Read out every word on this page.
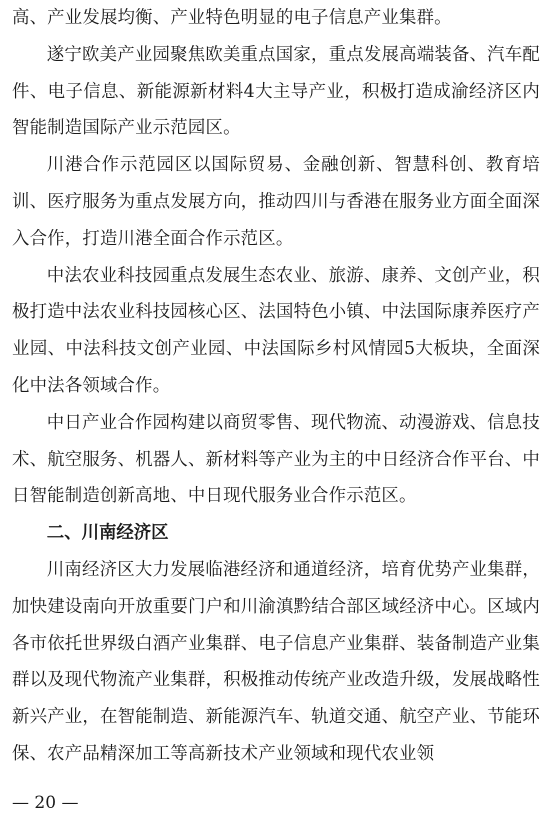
高、产业发展均衡、产业特色明显的电子信息产业集群。

遂宁欧美产业园聚焦欧美重点国家，重点发展高端装备、汽车配件、电子信息、新能源新材料4大主导产业，积极打造成渝经济区内智能制造国际产业示范园区。

川港合作示范园区以国际贸易、金融创新、智慧科创、教育培训、医疗服务为重点发展方向，推动四川与香港在服务业方面全面深入合作，打造川港全面合作示范区。

中法农业科技园重点发展生态农业、旅游、康养、文创产业，积极打造中法农业科技园核心区、法国特色小镇、中法国际康养医疗产业园、中法科技文创产业园、中法国际乡村风情园5大板块，全面深化中法各领域合作。

中日产业合作园构建以商贸零售、现代物流、动漫游戏、信息技术、航空服务、机器人、新材料等产业为主的中日经济合作平台、中日智能制造创新高地、中日现代服务业合作示范区。

二、川南经济区

川南经济区大力发展临港经济和通道经济，培育优势产业集群，加快建设南向开放重要门户和川渝滇黔结合部区域经济中心。区域内各市依托世界级白酒产业集群、电子信息产业集群、装备制造产业集群以及现代物流产业集群，积极推动传统产业改造升级，发展战略性新兴产业，在智能制造、新能源汽车、轨道交通、航空产业、节能环保、农产品精深加工等高新技术产业领域和现代农业领

— 20 —
